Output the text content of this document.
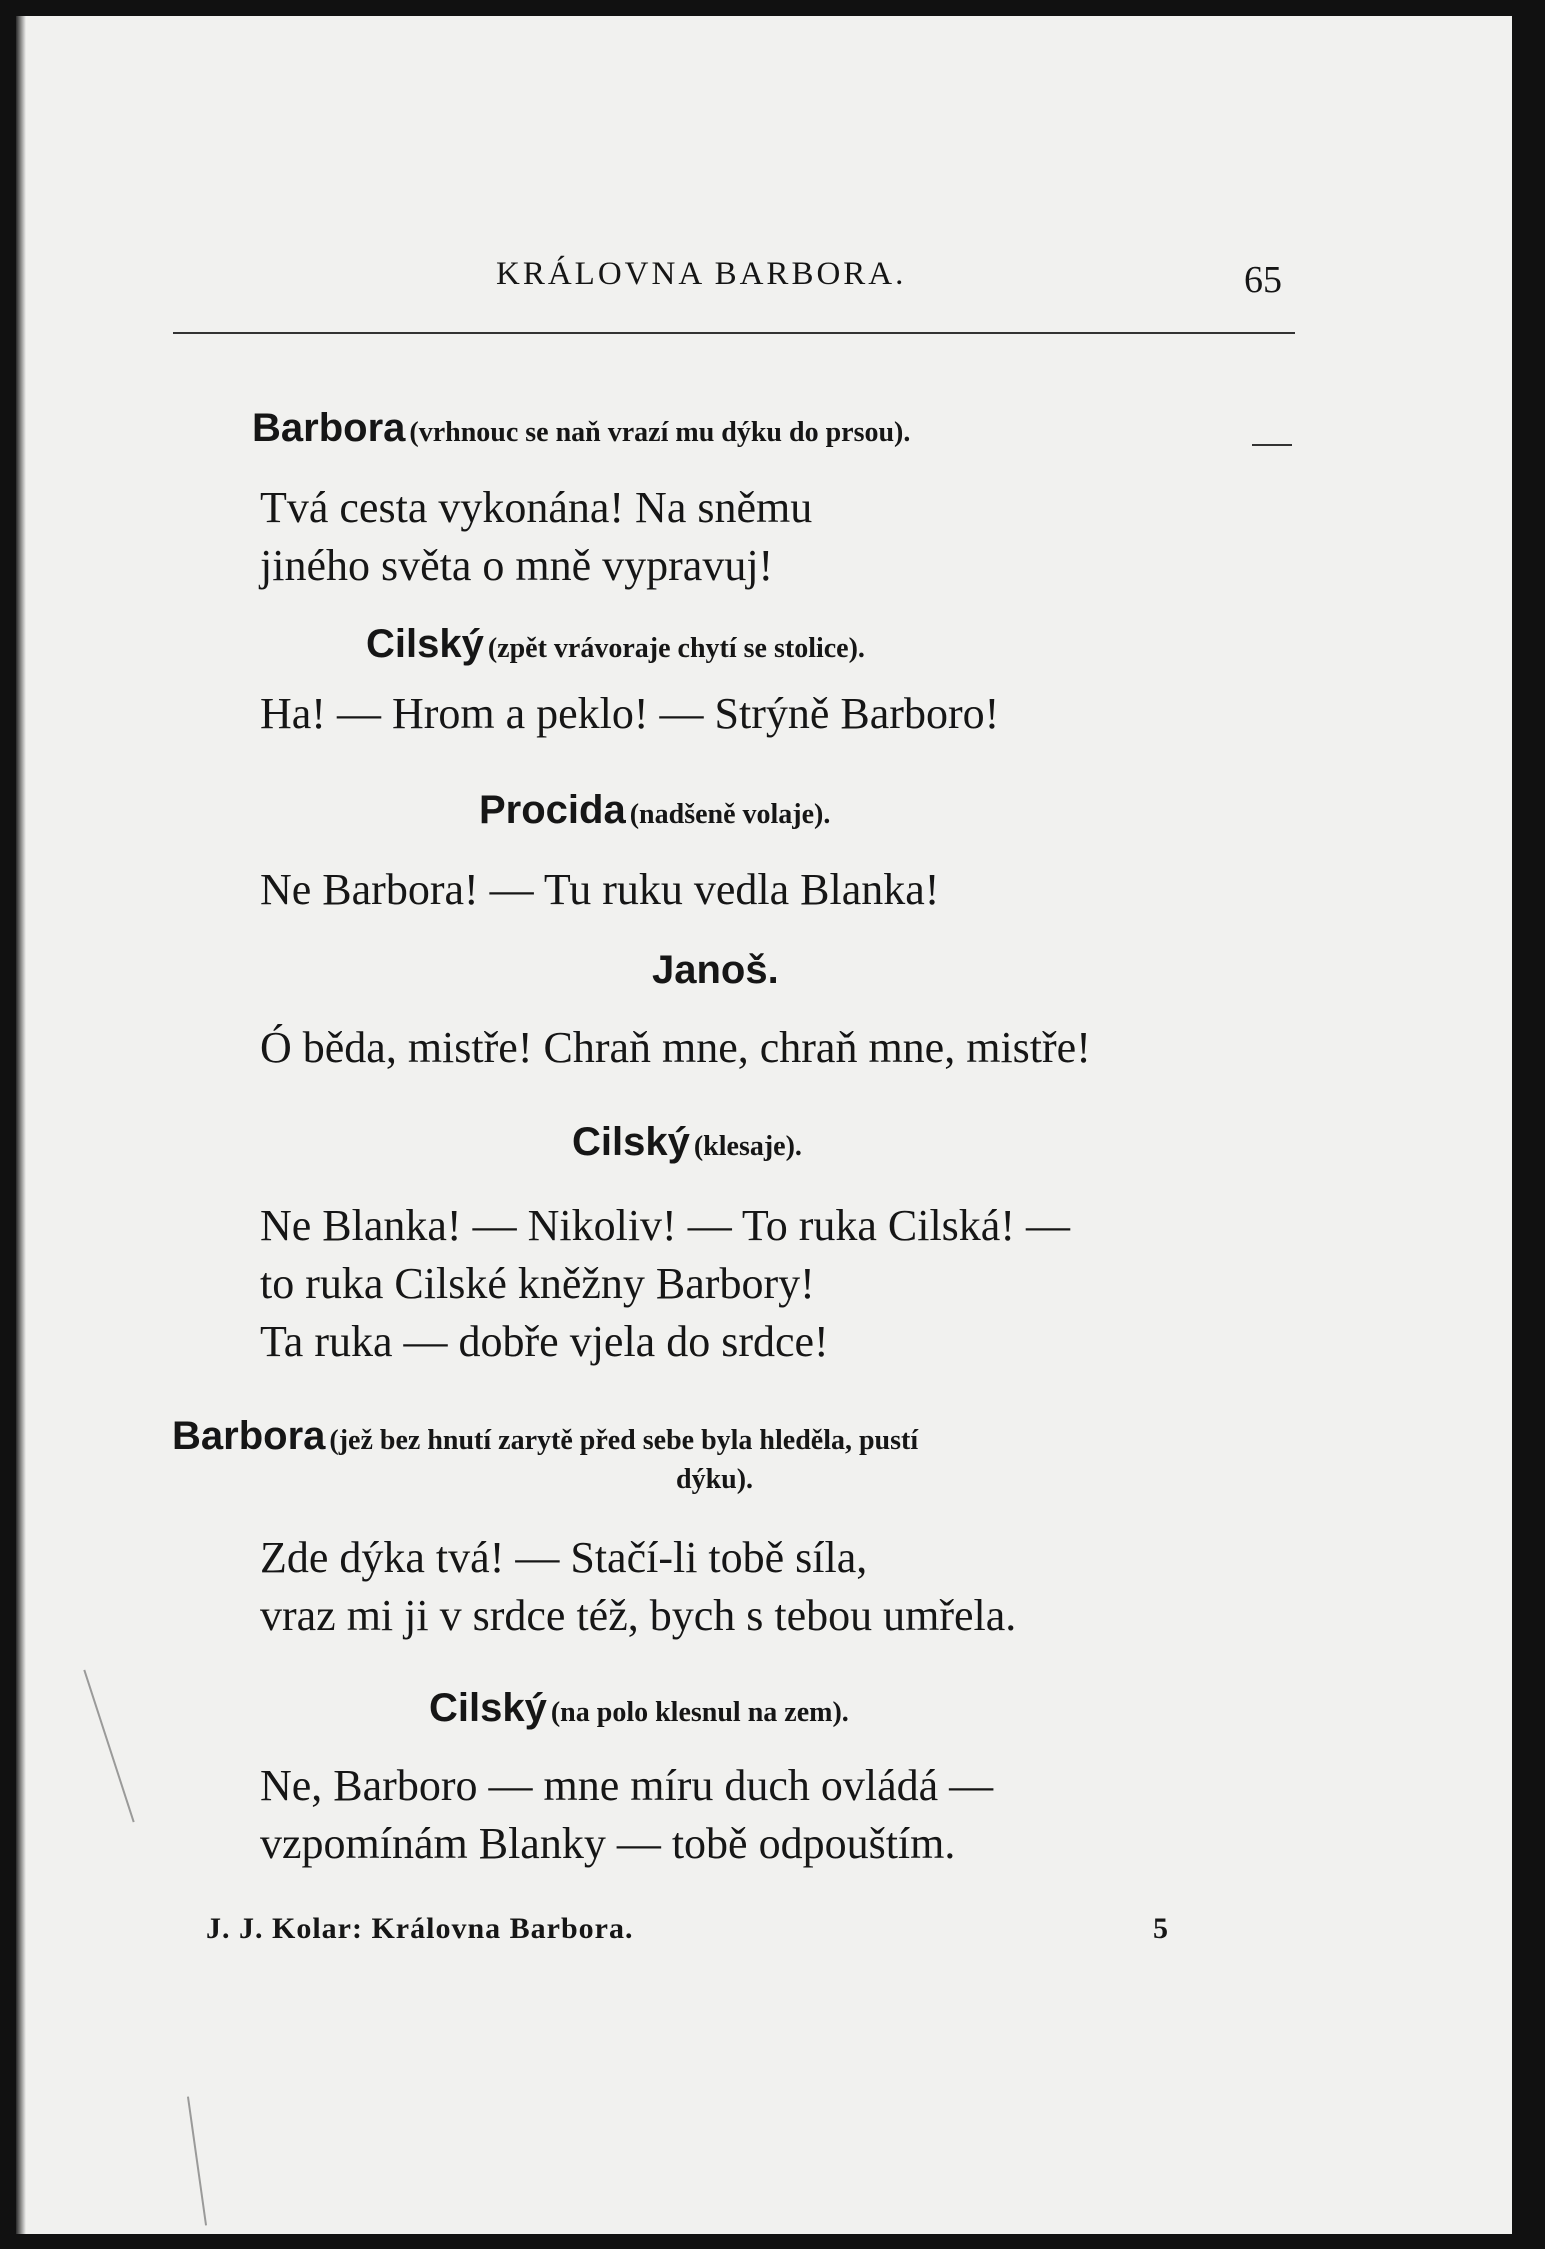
KRÁLOVNA BARBORA.	65
Barbora (vrhnouc se naň vrazí mu dýku do prsou).
Tvá cesta vykonána! Na sněmu
jiného světa o mně vypravuj!
Cilský (zpět vrávoraje chytí se stolice).
Ha! — Hrom a peklo! — Strýně Barboro!
Procida (nadšeně volaje).
Ne Barbora! — Tu ruku vedla Blanka!
Janoš.
Ó běda, mistře! Chraň mne, chraň mne, mistře!
Cilský (klesaje).
Ne Blanka! — Nikoliv! — To ruka Cilská! —
to ruka Cilské kněžny Barbory!
Ta ruka — dobře vjela do srdce!
Barbora (jež bez hnutí zarytě před sebe byla hleděla, pustí
dýku).
Zde dýka tvá! — Stačí-li tobě síla,
vraz mi ji v srdce též, bych s tebou umřela.
Cilský (na polo klesnul na zem).
Ne, Barboro — mne míru duch ovládá —
vzpomínám Blanky — tobě odpouštím.
J. J. Kolar: Královna Barbora.	5
